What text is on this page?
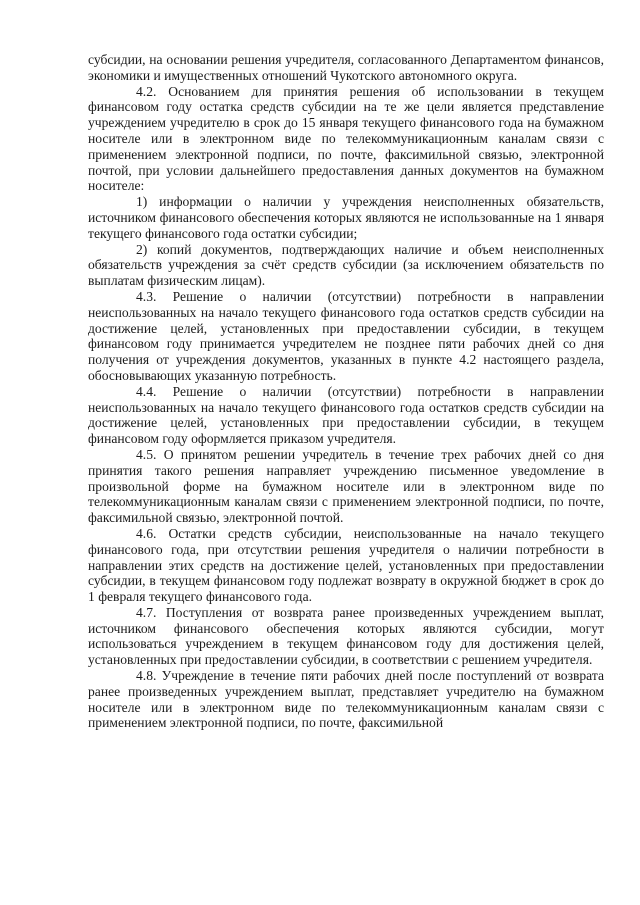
субсидии, на основании решения учредителя, согласованного Департаментом финансов, экономики и имущественных отношений Чукотского автономного округа.

4.2. Основанием для принятия решения об использовании в текущем финансовом году остатка средств субсидии на те же цели является представление учреждением учредителю в срок до 15 января текущего финансового года на бумажном носителе или в электронном виде по телекоммуникационным каналам связи с применением электронной подписи, по почте, факсимильной связью, электронной почтой, при условии дальнейшего предоставления данных документов на бумажном носителе:

1) информации о наличии у учреждения неисполненных обязательств, источником финансового обеспечения которых являются не использованные на 1 января текущего финансового года остатки субсидии;

2) копий документов, подтверждающих наличие и объем неисполненных обязательств учреждения за счёт средств субсидии (за исключением обязательств по выплатам физическим лицам).

4.3. Решение о наличии (отсутствии) потребности в направлении неиспользованных на начало текущего финансового года остатков средств субсидии на достижение целей, установленных при предоставлении субсидии, в текущем финансовом году принимается учредителем не позднее пяти рабочих дней со дня получения от учреждения документов, указанных в пункте 4.2 настоящего раздела, обосновывающих указанную потребность.

4.4. Решение о наличии (отсутствии) потребности в направлении неиспользованных на начало текущего финансового года остатков средств субсидии на достижение целей, установленных при предоставлении субсидии, в текущем финансовом году оформляется приказом учредителя.

4.5. О принятом решении учредитель в течение трех рабочих дней со дня принятия такого решения направляет учреждению письменное уведомление в произвольной форме на бумажном носителе или в электронном виде по телекоммуникационным каналам связи с применением электронной подписи, по почте, факсимильной связью, электронной почтой.

4.6. Остатки средств субсидии, неиспользованные на начало текущего финансового года, при отсутствии решения учредителя о наличии потребности в направлении этих средств на достижение целей, установленных при предоставлении субсидии, в текущем финансовом году подлежат возврату в окружной бюджет в срок до 1 февраля текущего финансового года.

4.7. Поступления от возврата ранее произведенных учреждением выплат, источником финансового обеспечения которых являются субсидии, могут использоваться учреждением в текущем финансовом году для достижения целей, установленных при предоставлении субсидии, в соответствии с решением учредителя.

4.8. Учреждение в течение пяти рабочих дней после поступлений от возврата ранее произведенных учреждением выплат, представляет учредителю на бумажном носителе или в электронном виде по телекоммуникационным каналам связи с применением электронной подписи, по почте, факсимильной
